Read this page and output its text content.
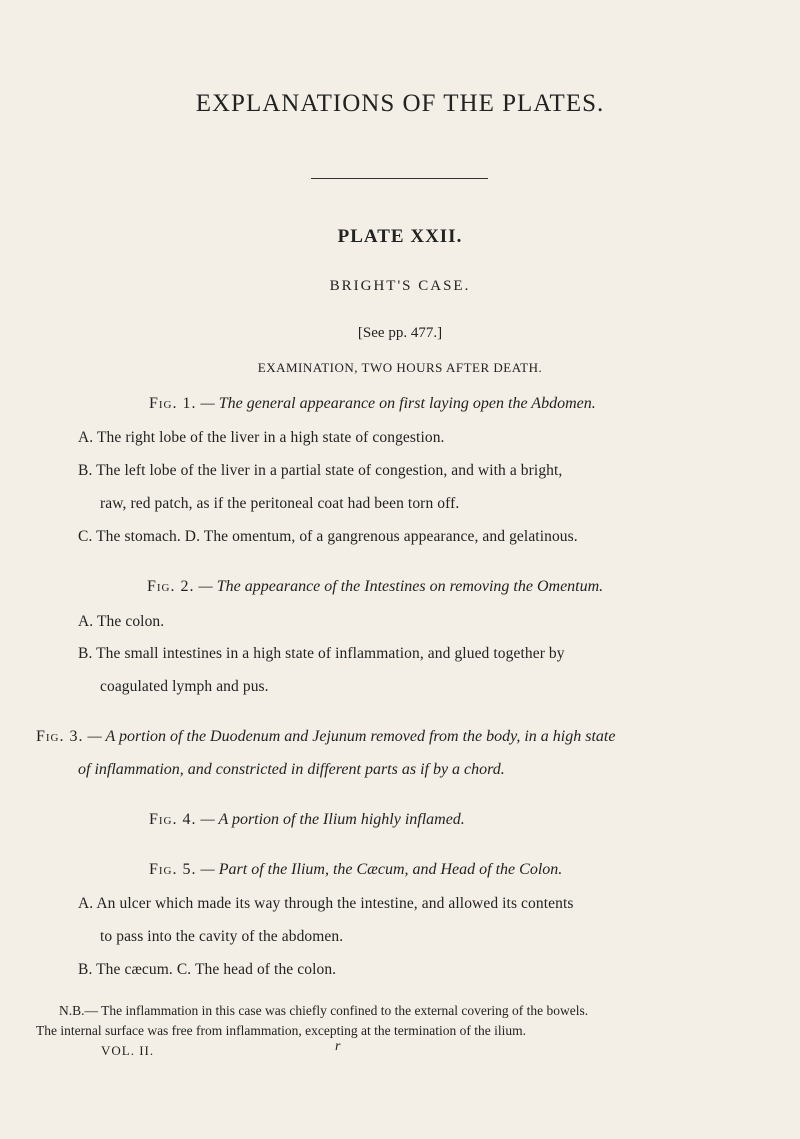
EXPLANATIONS OF THE PLATES.
PLATE XXII.
BRIGHT'S CASE.
[See pp. 477.]
EXAMINATION, TWO HOURS AFTER DEATH.
Fig. 1. — The general appearance on first laying open the Abdomen.
A. The right lobe of the liver in a high state of congestion.
B. The left lobe of the liver in a partial state of congestion, and with a bright,
raw, red patch, as if the peritoneal coat had been torn off.
C. The stomach. D. The omentum, of a gangrenous appearance, and gelatinous.
Fig. 2. — The appearance of the Intestines on removing the Omentum.
A. The colon.
B. The small intestines in a high state of inflammation, and glued together by
coagulated lymph and pus.
Fig. 3. — A portion of the Duodenum and Jejunum removed from the body, in a high state
of inflammation, and constricted in different parts as if by a chord.
Fig. 4. — A portion of the Ilium highly inflamed.
Fig. 5. — Part of the Ilium, the Cæcum, and Head of the Colon.
A. An ulcer which made its way through the intestine, and allowed its contents
to pass into the cavity of the abdomen.
B. The cæcum. C. The head of the colon.
N.B.— The inflammation in this case was chiefly confined to the external covering of the bowels.
The internal surface was free from inflammation, excepting at the termination of the ilium.
VOL. II.	r
